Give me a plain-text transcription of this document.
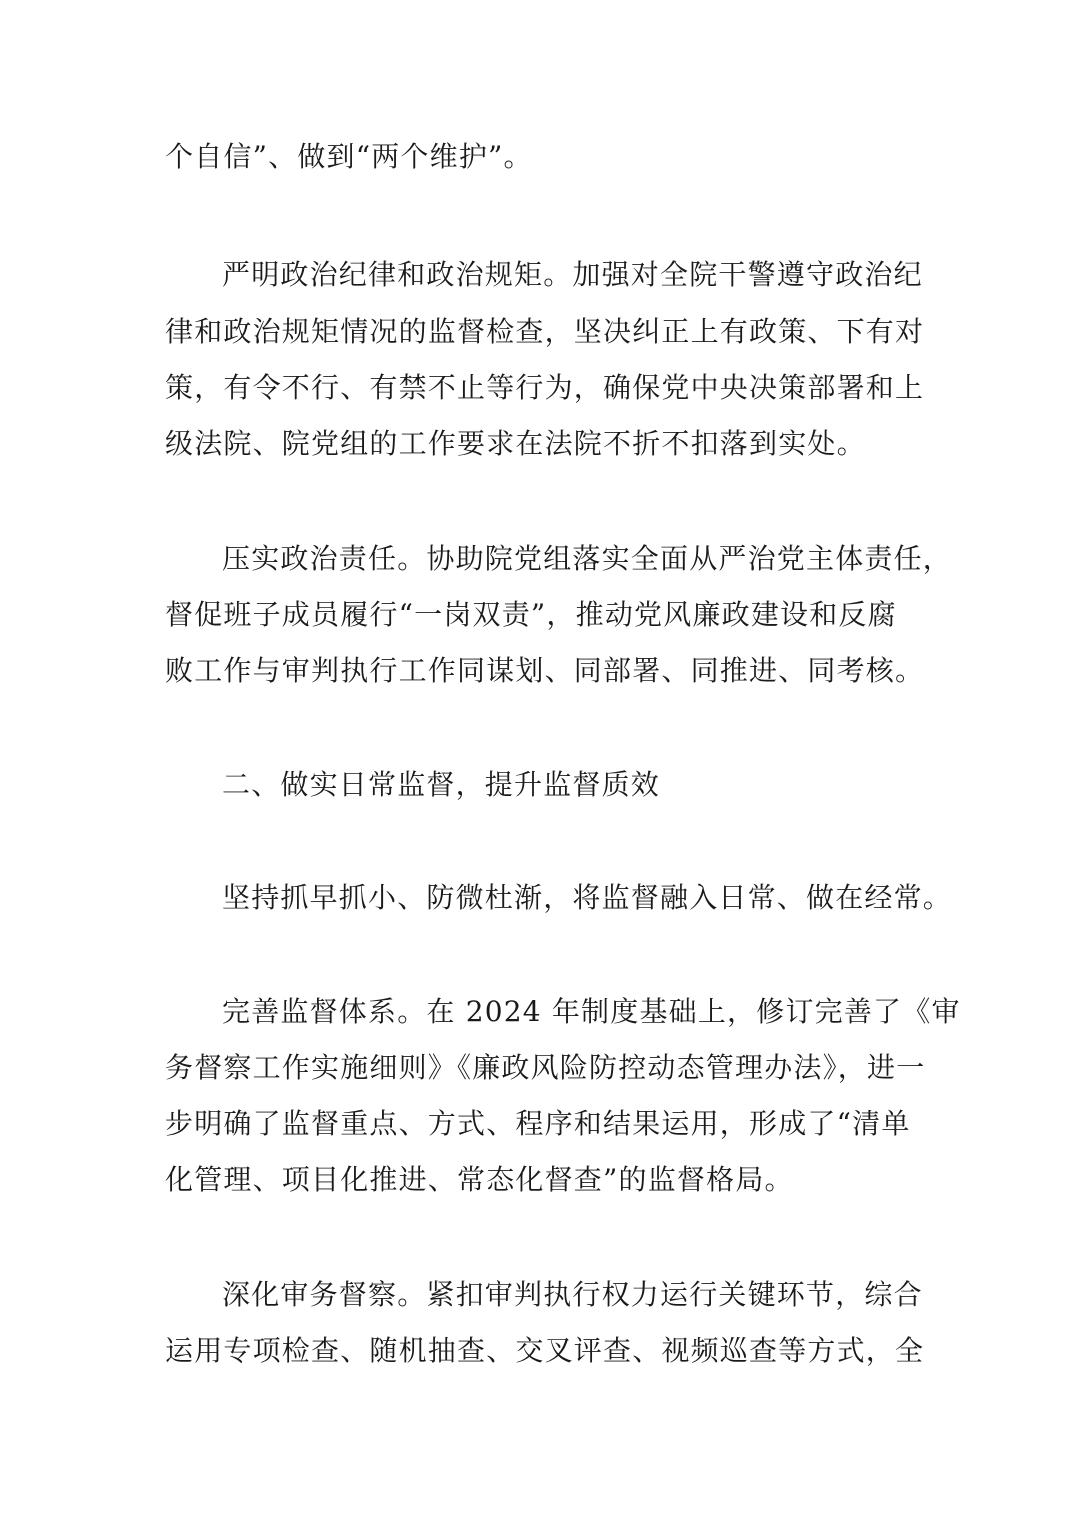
个自信”、做到“两个维护”。
严明政治纪律和政治规矩。加强对全院干警遵守政治纪
律和政治规矩情况的监督检查，坚决纠正上有政策、下有对
策，有令不行、有禁不止等行为，确保党中央决策部署和上
级法院、院党组的工作要求在法院不折不扣落到实处。
压实政治责任。协助院党组落实全面从严治党主体责任，
督促班子成员履行“一岗双责”，推动党风廉政建设和反腐
败工作与审判执行工作同谋划、同部署、同推进、同考核。
二、做实日常监督，提升监督质效
坚持抓早抓小、防微杜渐，将监督融入日常、做在经常。
完善监督体系。在 2024 年制度基础上，修订完善了《审
务督察工作实施细则》《廉政风险防控动态管理办法》，进一
步明确了监督重点、方式、程序和结果运用，形成了“清单
化管理、项目化推进、常态化督查”的监督格局。
深化审务督察。紧扣审判执行权力运行关键环节，综合
运用专项检查、随机抽查、交叉评查、视频巡查等方式，全
